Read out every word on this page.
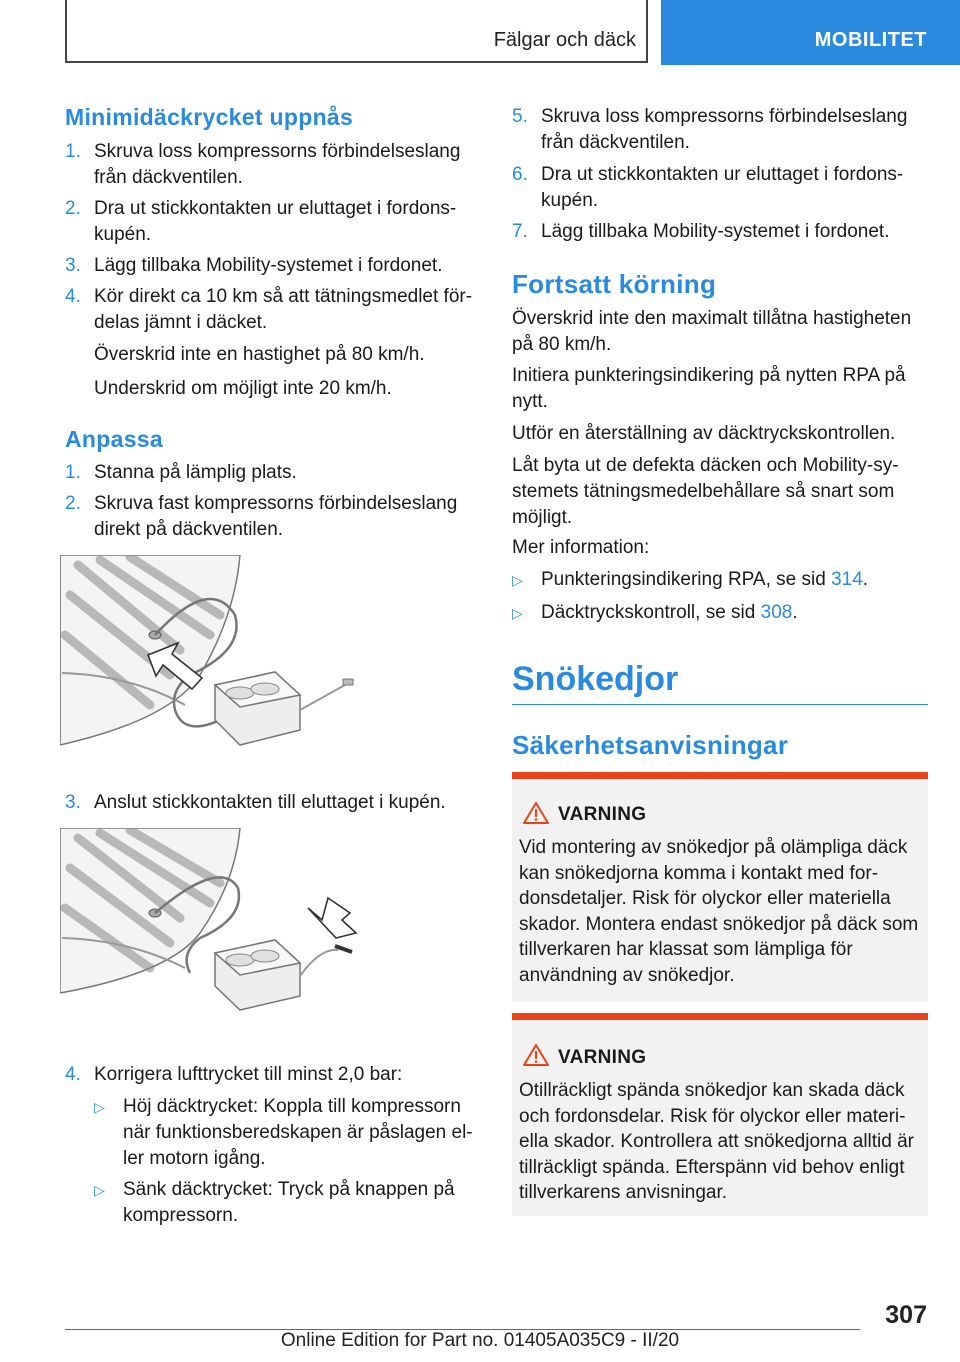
Fälgar och däck	MOBILITET
Minimidäckrycket uppnås
1. Skruva loss kompressorns förbindelseslang från däckventilen.
2. Dra ut stickkontakten ur eluttaget i fordonskupén.
3. Lägg tillbaka Mobility-systemet i fordonet.
4. Kör direkt ca 10 km så att tätningsmedlet fördelas jämnt i däcket.
Överskrid inte en hastighet på 80 km/h.
Underskrid om möjligt inte 20 km/h.
Anpassa
1. Stanna på lämplig plats.
2. Skruva fast kompressorns förbindelseslang direkt på däckventilen.
3. Anslut stickkontakten till eluttaget i kupén.
4. Korrigera lufttrycket till minst 2,0 bar:
▷ Höj däcktrycket: Koppla till kompressorn när funktionsberedskapen är påslagen eller motorn igång.
▷ Sänk däcktrycket: Tryck på knappen på kompressorn.
5. Skruva loss kompressorns förbindelseslang från däckventilen.
6. Dra ut stickkontakten ur eluttaget i fordonskupén.
7. Lägg tillbaka Mobility-systemet i fordonet.
Fortsatt körning
Överskrid inte den maximalt tillåtna hastigheten på 80 km/h.
Initiera punkteringsindikering på nytten RPA på nytt.
Utför en återställning av däcktryckskontrollen.
Låt byta ut de defekta däcken och Mobility-systemets tätningsmedelbehållare så snart som möjligt.
Mer information:
▷ Punkteringsindikering RPA, se sid 314.
▷ Däcktryckskontroll, se sid 308.
Snökedjor
Säkerhetsanvisningar
VARNING
Vid montering av snökedjor på olämpliga däck kan snökedjorna komma i kontakt med fordonsdetaljer. Risk för olyckor eller materiella skador. Montera endast snökedjor på däck som tillverkaren har klassat som lämpliga för användning av snökedjor.
VARNING
Otillräckligt spända snökedjor kan skada däck och fordonsdelar. Risk för olyckor eller materiella skador. Kontrollera att snökedjorna alltid är tillräckligt spända. Efterspänn vid behov enligt tillverkarens anvisningar.
307
Online Edition for Part no. 01405A035C9 - II/20
